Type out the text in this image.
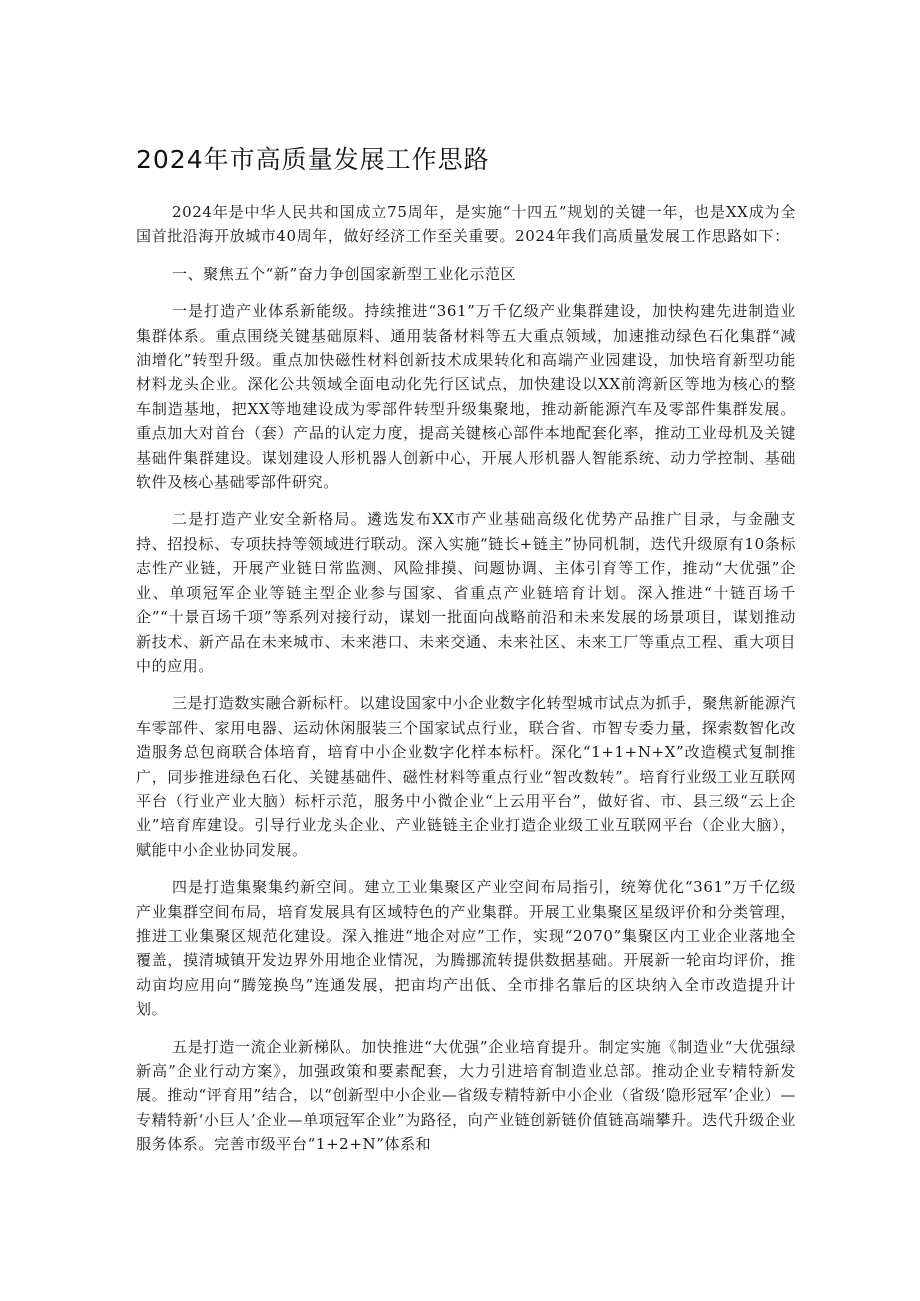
2024年市高质量发展工作思路

2024年是中华人民共和国成立75周年，是实施“十四五”规划的关键一年，也是XX成为全国首批沿海开放城市40周年，做好经济工作至关重要。2024年我们高质量发展工作思路如下：

一、聚焦五个“新”奋力争创国家新型工业化示范区

一是打造产业体系新能级。持续推进“361”万千亿级产业集群建设，加快构建先进制造业集群体系。重点围绕关键基础原料、通用装备材料等五大重点领域，加速推动绿色石化集群“减油增化”转型升级。重点加快磁性材料创新技术成果转化和高端产业园建设，加快培育新型功能材料龙头企业。深化公共领域全面电动化先行区试点，加快建设以XX前湾新区等地为核心的整车制造基地，把XX等地建设成为零部件转型升级集聚地，推动新能源汽车及零部件集群发展。重点加大对首台（套）产品的认定力度，提高关键核心部件本地配套化率，推动工业母机及关键基础件集群建设。谋划建设人形机器人创新中心，开展人形机器人智能系统、动力学控制、基础软件及核心基础零部件研究。

二是打造产业安全新格局。遴选发布XX市产业基础高级化优势产品推广目录，与金融支持、招投标、专项扶持等领域进行联动。深入实施“链长+链主”协同机制，迭代升级原有10条标志性产业链，开展产业链日常监测、风险排摸、问题协调、主体引育等工作，推动“大优强”企业、单项冠军企业等链主型企业参与国家、省重点产业链培育计划。深入推进“十链百场千企”“十景百场千项”等系列对接行动，谋划一批面向战略前沿和未来发展的场景项目，谋划推动新技术、新产品在未来城市、未来港口、未来交通、未来社区、未来工厂等重点工程、重大项目中的应用。

三是打造数实融合新标杆。以建设国家中小企业数字化转型城市试点为抓手，聚焦新能源汽车零部件、家用电器、运动休闲服装三个国家试点行业，联合省、市智专委力量，探索数智化改造服务总包商联合体培育，培育中小企业数字化样本标杆。深化“1+1+N+X”改造模式复制推广，同步推进绿色石化、关键基础件、磁性材料等重点行业“智改数转”。培育行业级工业互联网平台（行业产业大脑）标杆示范，服务中小微企业“上云用平台”，做好省、市、县三级“云上企业”培育库建设。引导行业龙头企业、产业链链主企业打造企业级工业互联网平台（企业大脑），赋能中小企业协同发展。

四是打造集聚集约新空间。建立工业集聚区产业空间布局指引，统筹优化“361”万千亿级产业集群空间布局，培育发展具有区域特色的产业集群。开展工业集聚区星级评价和分类管理，推进工业集聚区规范化建设。深入推进“地企对应”工作，实现“2070”集聚区内工业企业落地全覆盖，摸清城镇开发边界外用地企业情况，为腾挪流转提供数据基础。开展新一轮亩均评价，推动亩均应用向“腾笼换鸟”连通发展，把亩均产出低、全市排名靠后的区块纳入全市改造提升计划。

五是打造一流企业新梯队。加快推进“大优强”企业培育提升。制定实施《制造业“大优强绿新高”企业行动方案》，加强政策和要素配套，大力引进培育制造业总部。推动企业专精特新发展。推动“评育用”结合，以“创新型中小企业—省级专精特新中小企业（省级‘隐形冠军’企业）—专精特新‘小巨人’企业—单项冠军企业”为路径，向产业链创新链价值链高端攀升。迭代升级企业服务体系。完善市级平台“1+2+N”体系和
